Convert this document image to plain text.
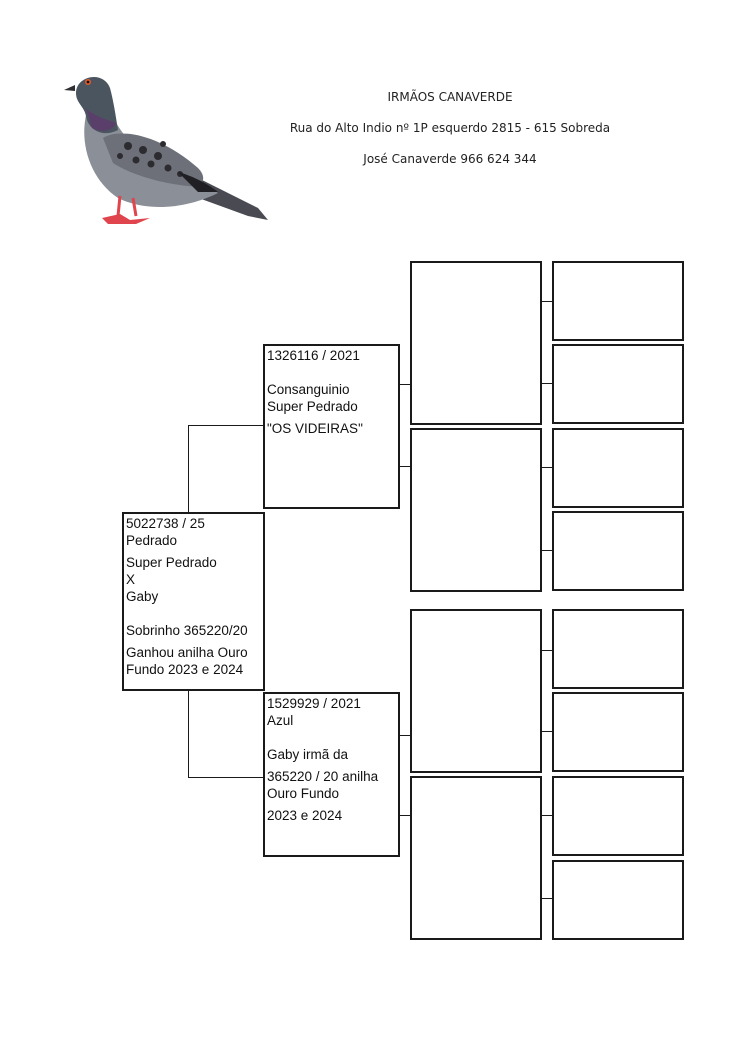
IRMÃOS CANAVERDE
Rua do Alto Indio nº 1P esquerdo 2815 - 615 Sobreda
José Canaverde 966 624 344
5022738 / 25
Pedrado
Super Pedrado
X
Gaby
Sobrinho 365220/20
Ganhou anilha Ouro
Fundo 2023 e 2024
1326116 / 2021
Consanguinio
Super Pedrado
"OS VIDEIRAS"
1529929 / 2021
Azul
Gaby irmã da
365220 / 20 anilha
Ouro Fundo
2023 e 2024
